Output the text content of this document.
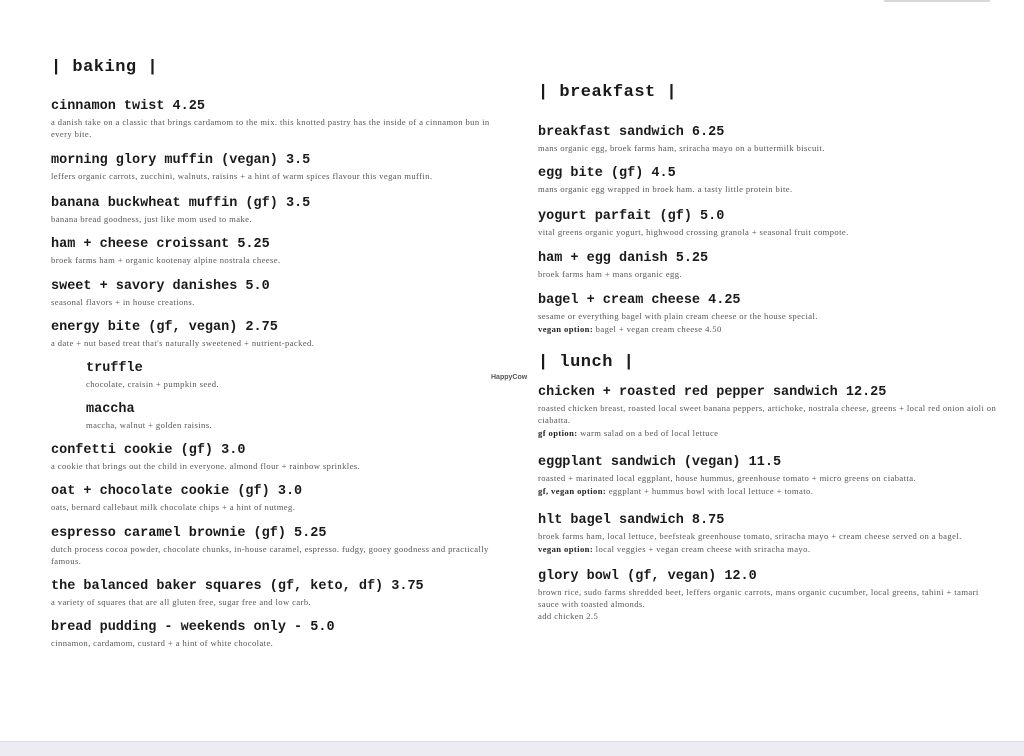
| baking |

cinnamon twist 4.25

a danish take on a classic that brings cardamom to the mix. this knotted pastry has the inside of a cinnamon bun in every bite.

morning glory muffin (vegan) 3.5

leffers organic carrots, zucchini, walnuts, raisins + a hint of warm spices flavour this vegan muffin.

banana buckwheat muffin (gf) 3.5

banana bread goodness, just like mom used to make.

ham + cheese croissant 5.25

broek farms ham + organic kootenay alpine nostrala cheese.

sweet + savory danishes 5.0

seasonal flavors + in house creations.

energy bite (gf, vegan) 2.75

a date + nut based treat that's naturally sweetened + nutrient-packed.

truffle

chocolate, craisin + pumpkin seed.

maccha

maccha, walnut + golden raisins.

confetti cookie (gf) 3.0

a cookie that brings out the child in everyone. almond flour + rainbow sprinkles.

oat + chocolate cookie (gf) 3.0

oats, bernard callebaut milk chocolate chips + a hint of nutmeg.

espresso caramel brownie (gf) 5.25

dutch process cocoa powder, chocolate chunks, in-house caramel, espresso. fudgy, gooey goodness and practically famous.

the balanced baker squares (gf, keto, df) 3.75

a variety of squares that are all gluten free, sugar free and low carb.

bread pudding - weekends only - 5.0

cinnamon, cardamom, custard + a hint of white chocolate.

| breakfast |

breakfast sandwich 6.25

mans organic egg, broek farms ham, sriracha mayo on a buttermilk biscuit.

egg bite (gf) 4.5

mans organic egg wrapped in broek ham. a tasty little protein bite.

yogurt parfait (gf) 5.0

vital greens organic yogurt, highwood crossing granola + seasonal fruit compote.

ham + egg danish 5.25

broek farms ham + mans organic egg.

bagel + cream cheese 4.25

sesame or everything bagel with plain cream cheese or the house special.

vegan option: bagel + vegan cream cheese 4.50

| lunch |

chicken + roasted red pepper sandwich 12.25

roasted chicken breast, roasted local sweet banana peppers, artichoke, nostrala cheese, greens + local red onion aioli on ciabatta.

gf option: warm salad on a bed of local lettuce

eggplant sandwich (vegan) 11.5

roasted + marinated local eggplant, house hummus, greenhouse tomato + micro greens on ciabatta.

gf, vegan option: eggplant + hummus bowl with local lettuce + tomato.

hlt bagel sandwich 8.75

broek farms ham, local lettuce, beefsteak greenhouse tomato, sriracha mayo + cream cheese served on a bagel.

vegan option: local veggies + vegan cream cheese with sriracha mayo.

glory bowl (gf, vegan) 12.0

brown rice, sudo farms shredded beet, leffers organic carrots, mans organic cucumber, local greens, tahini + tamari sauce with toasted almonds.

add chicken 2.5

HappyCow
